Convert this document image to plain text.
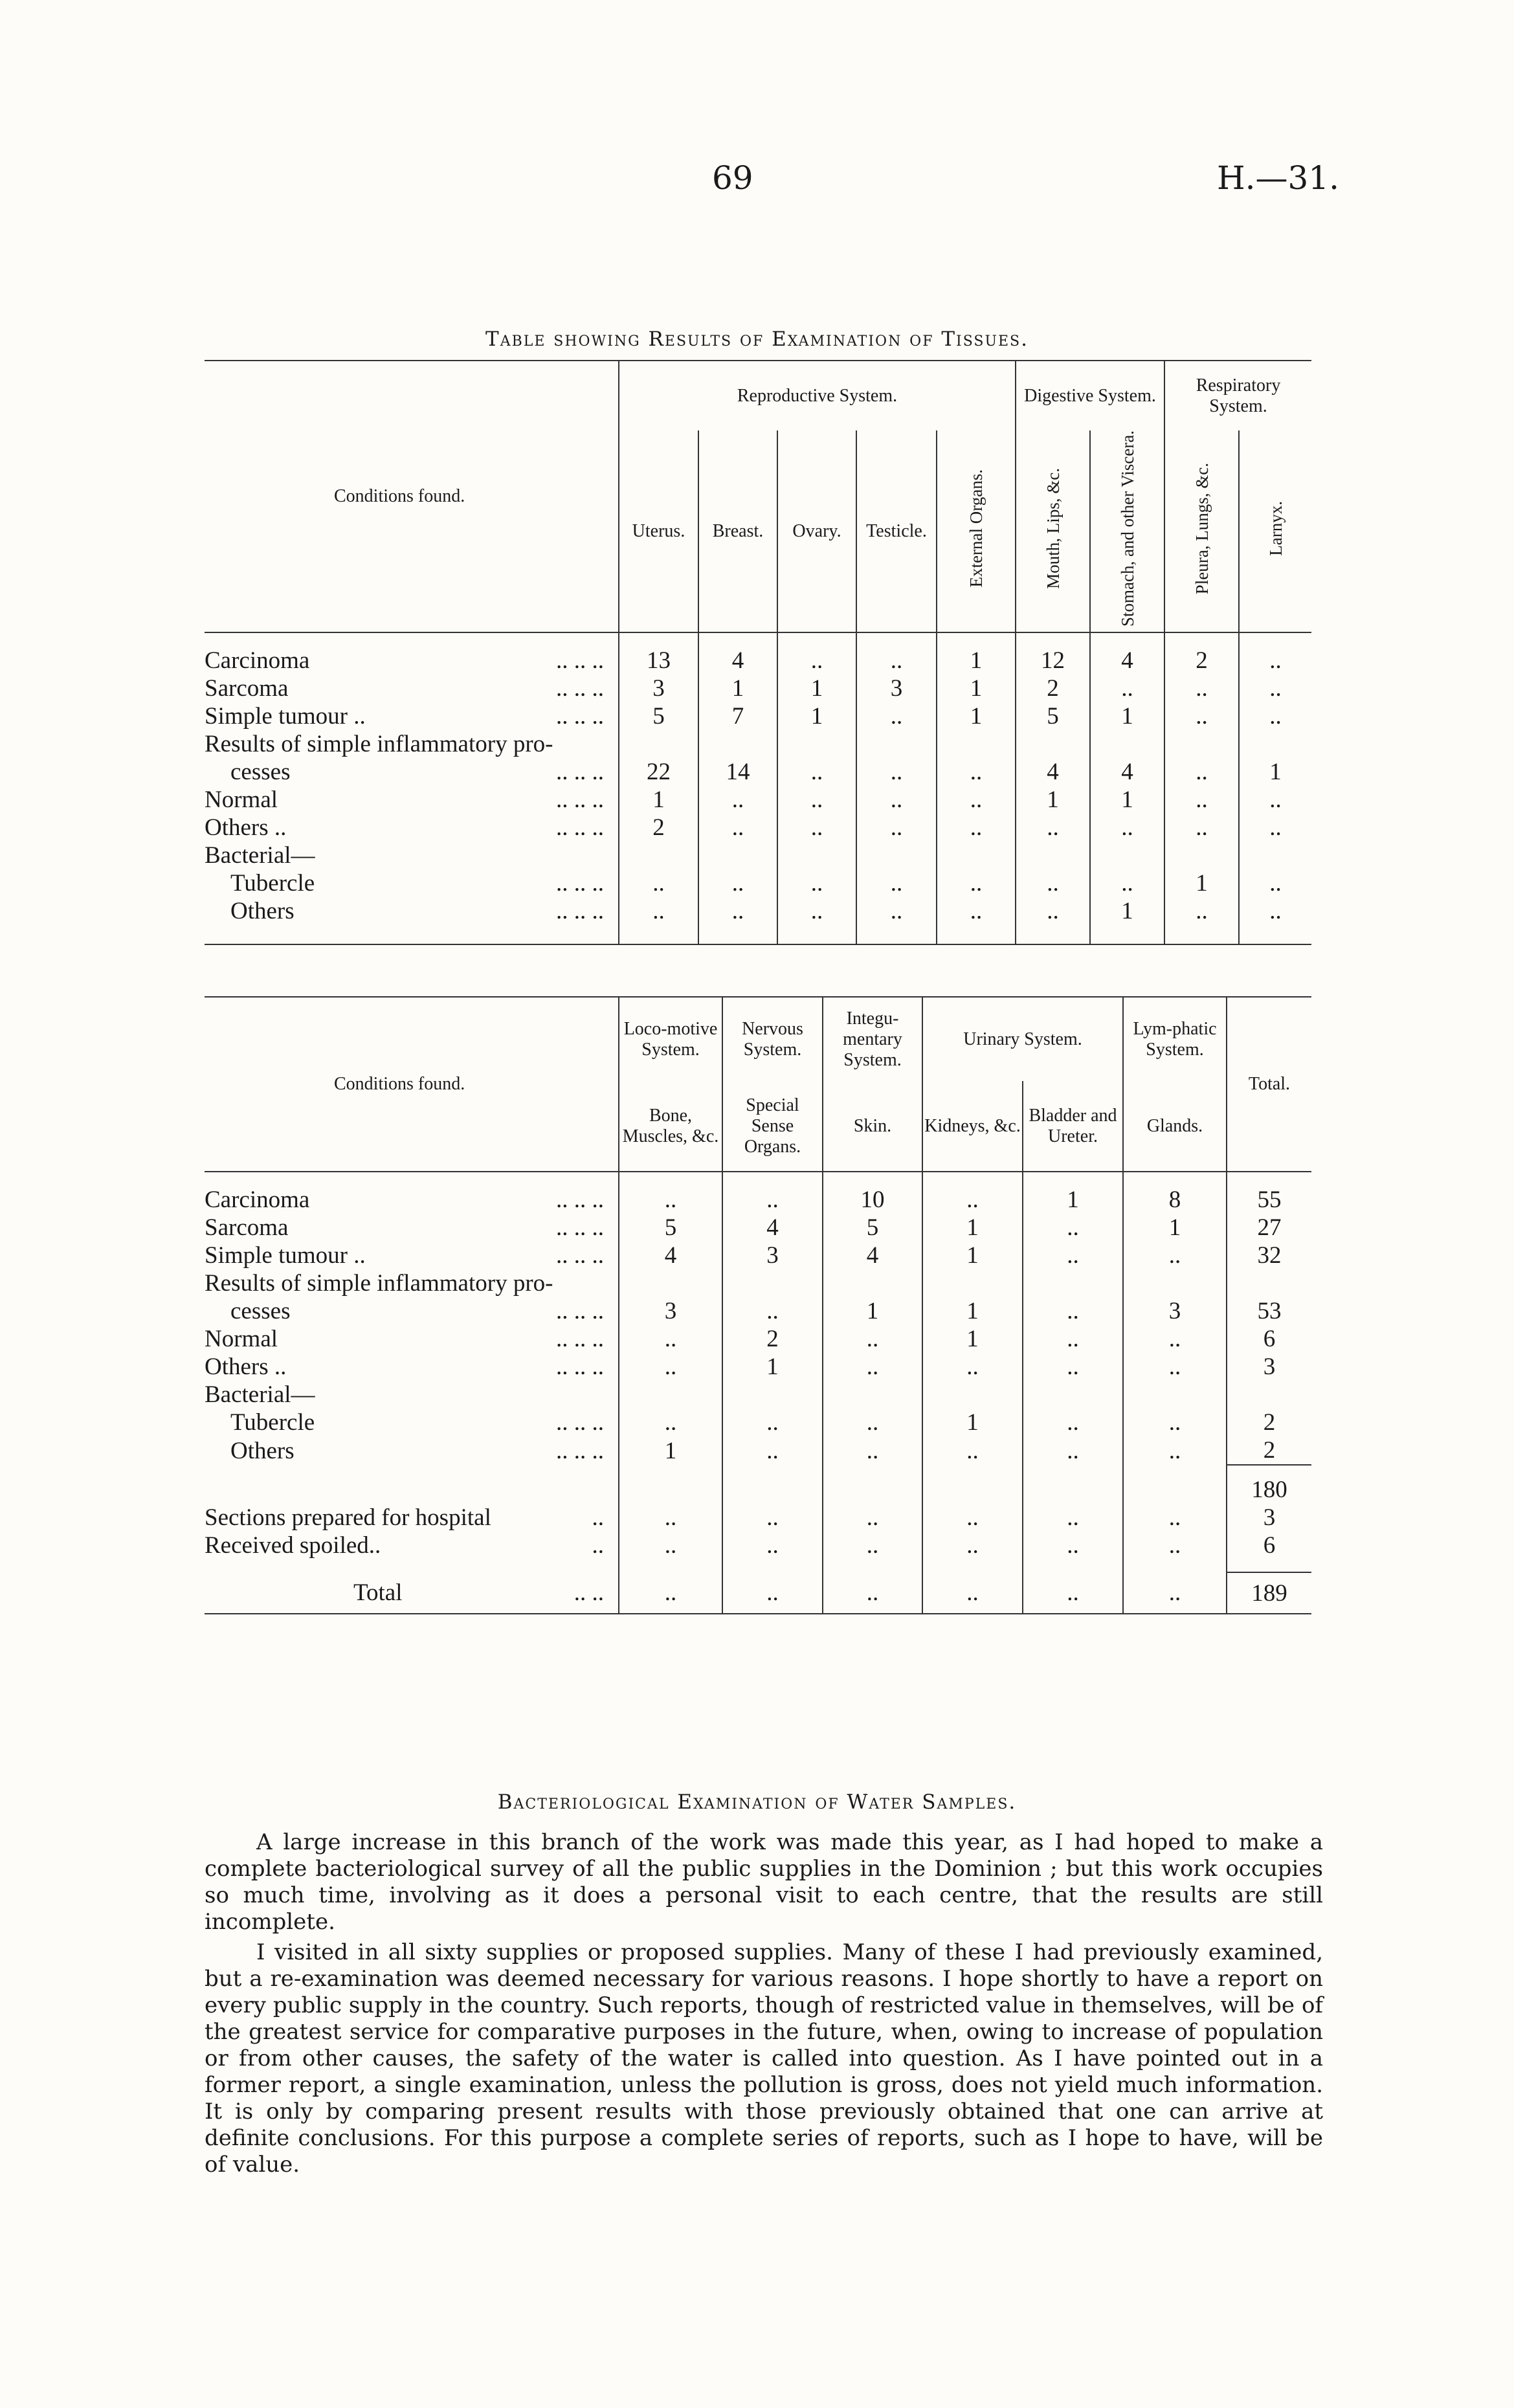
69	H.—31.
Table showing Results of Examination of Tissues.
Conditions found.	Reproductive System.					Digestive System.		Respiratory System.	
	Uterus.	Breast.	Ovary.	Testicle.	External Organs.	Mouth, Lips, &c.	Stomach, and other Viscera.	Pleura, Lungs, &c.	Larnyx.

Carcinoma .. .. ..	13	4	..	..	1	12	4	2	..
Sarcoma .. .. ..	3	1	1	3	1	2	..	..	..
Simple tumour .. .. .. ..	5	7	1	..	1	5	1	..	..
Results of simple inflammatory pro-									
cesses .. .. ..	22	14	..	..	..	4	4	..	1
Normal .. .. ..	1	..	..	..	..	1	1	..	..
Others .. .. .. ..	2	..	..	..	..	..	..	..	..
Bacterial—									
Tubercle .. .. ..	..	..	..	..	..	..	..	1	..
Others .. .. ..	..	..	..	..	..	..	1	..	..

Conditions found.	Loco-motive System.	Nervous System.	Integu-mentary System.	Urinary System.		Lym-phatic System.	Total.
	Bone, Muscles, &c.	Special Sense Organs.	Skin.	Kidneys, &c.	Bladder and Ureter.	Glands.	

Carcinoma .. .. ..	..	..	10	..	1	8	55
Sarcoma .. .. ..	5	4	5	1	..	1	27
Simple tumour .. .. .. ..	4	3	4	1	..	..	32
Results of simple inflammatory pro-							
cesses .. .. ..	3	..	1	1	..	3	53
Normal .. .. ..	..	2	..	1	..	..	6
Others .. .. .. ..	..	1	..	..	..	..	3
Bacterial—							
Tubercle .. .. ..	..	..	..	1	..	..	2
Others .. .. ..	1	..	..	..	..	..	2
							180
Sections prepared for hospital ..	..	..	..	..	..	..	3
Received spoiled.. ..	..	..	..	..	..	..	6

Total .. ..	..	..	..	..	..	..	189
Bacteriological Examination of Water Samples.

A large increase in this branch of the work was made this year, as I had hoped to make a complete bacteriological survey of all the public supplies in the Dominion ; but this work occupies so much time, involving as it does a personal visit to each centre, that the results are still incomplete.

I visited in all sixty supplies or proposed supplies. Many of these I had previously examined, but a re-examination was deemed necessary for various reasons. I hope shortly to have a report on every public supply in the country. Such reports, though of restricted value in themselves, will be of the greatest service for comparative purposes in the future, when, owing to increase of population or from other causes, the safety of the water is called into question. As I have pointed out in a former report, a single examination, unless the pollution is gross, does not yield much information. It is only by comparing present results with those previously obtained that one can arrive at definite conclusions. For this purpose a complete series of reports, such as I hope to have, will be of value.
